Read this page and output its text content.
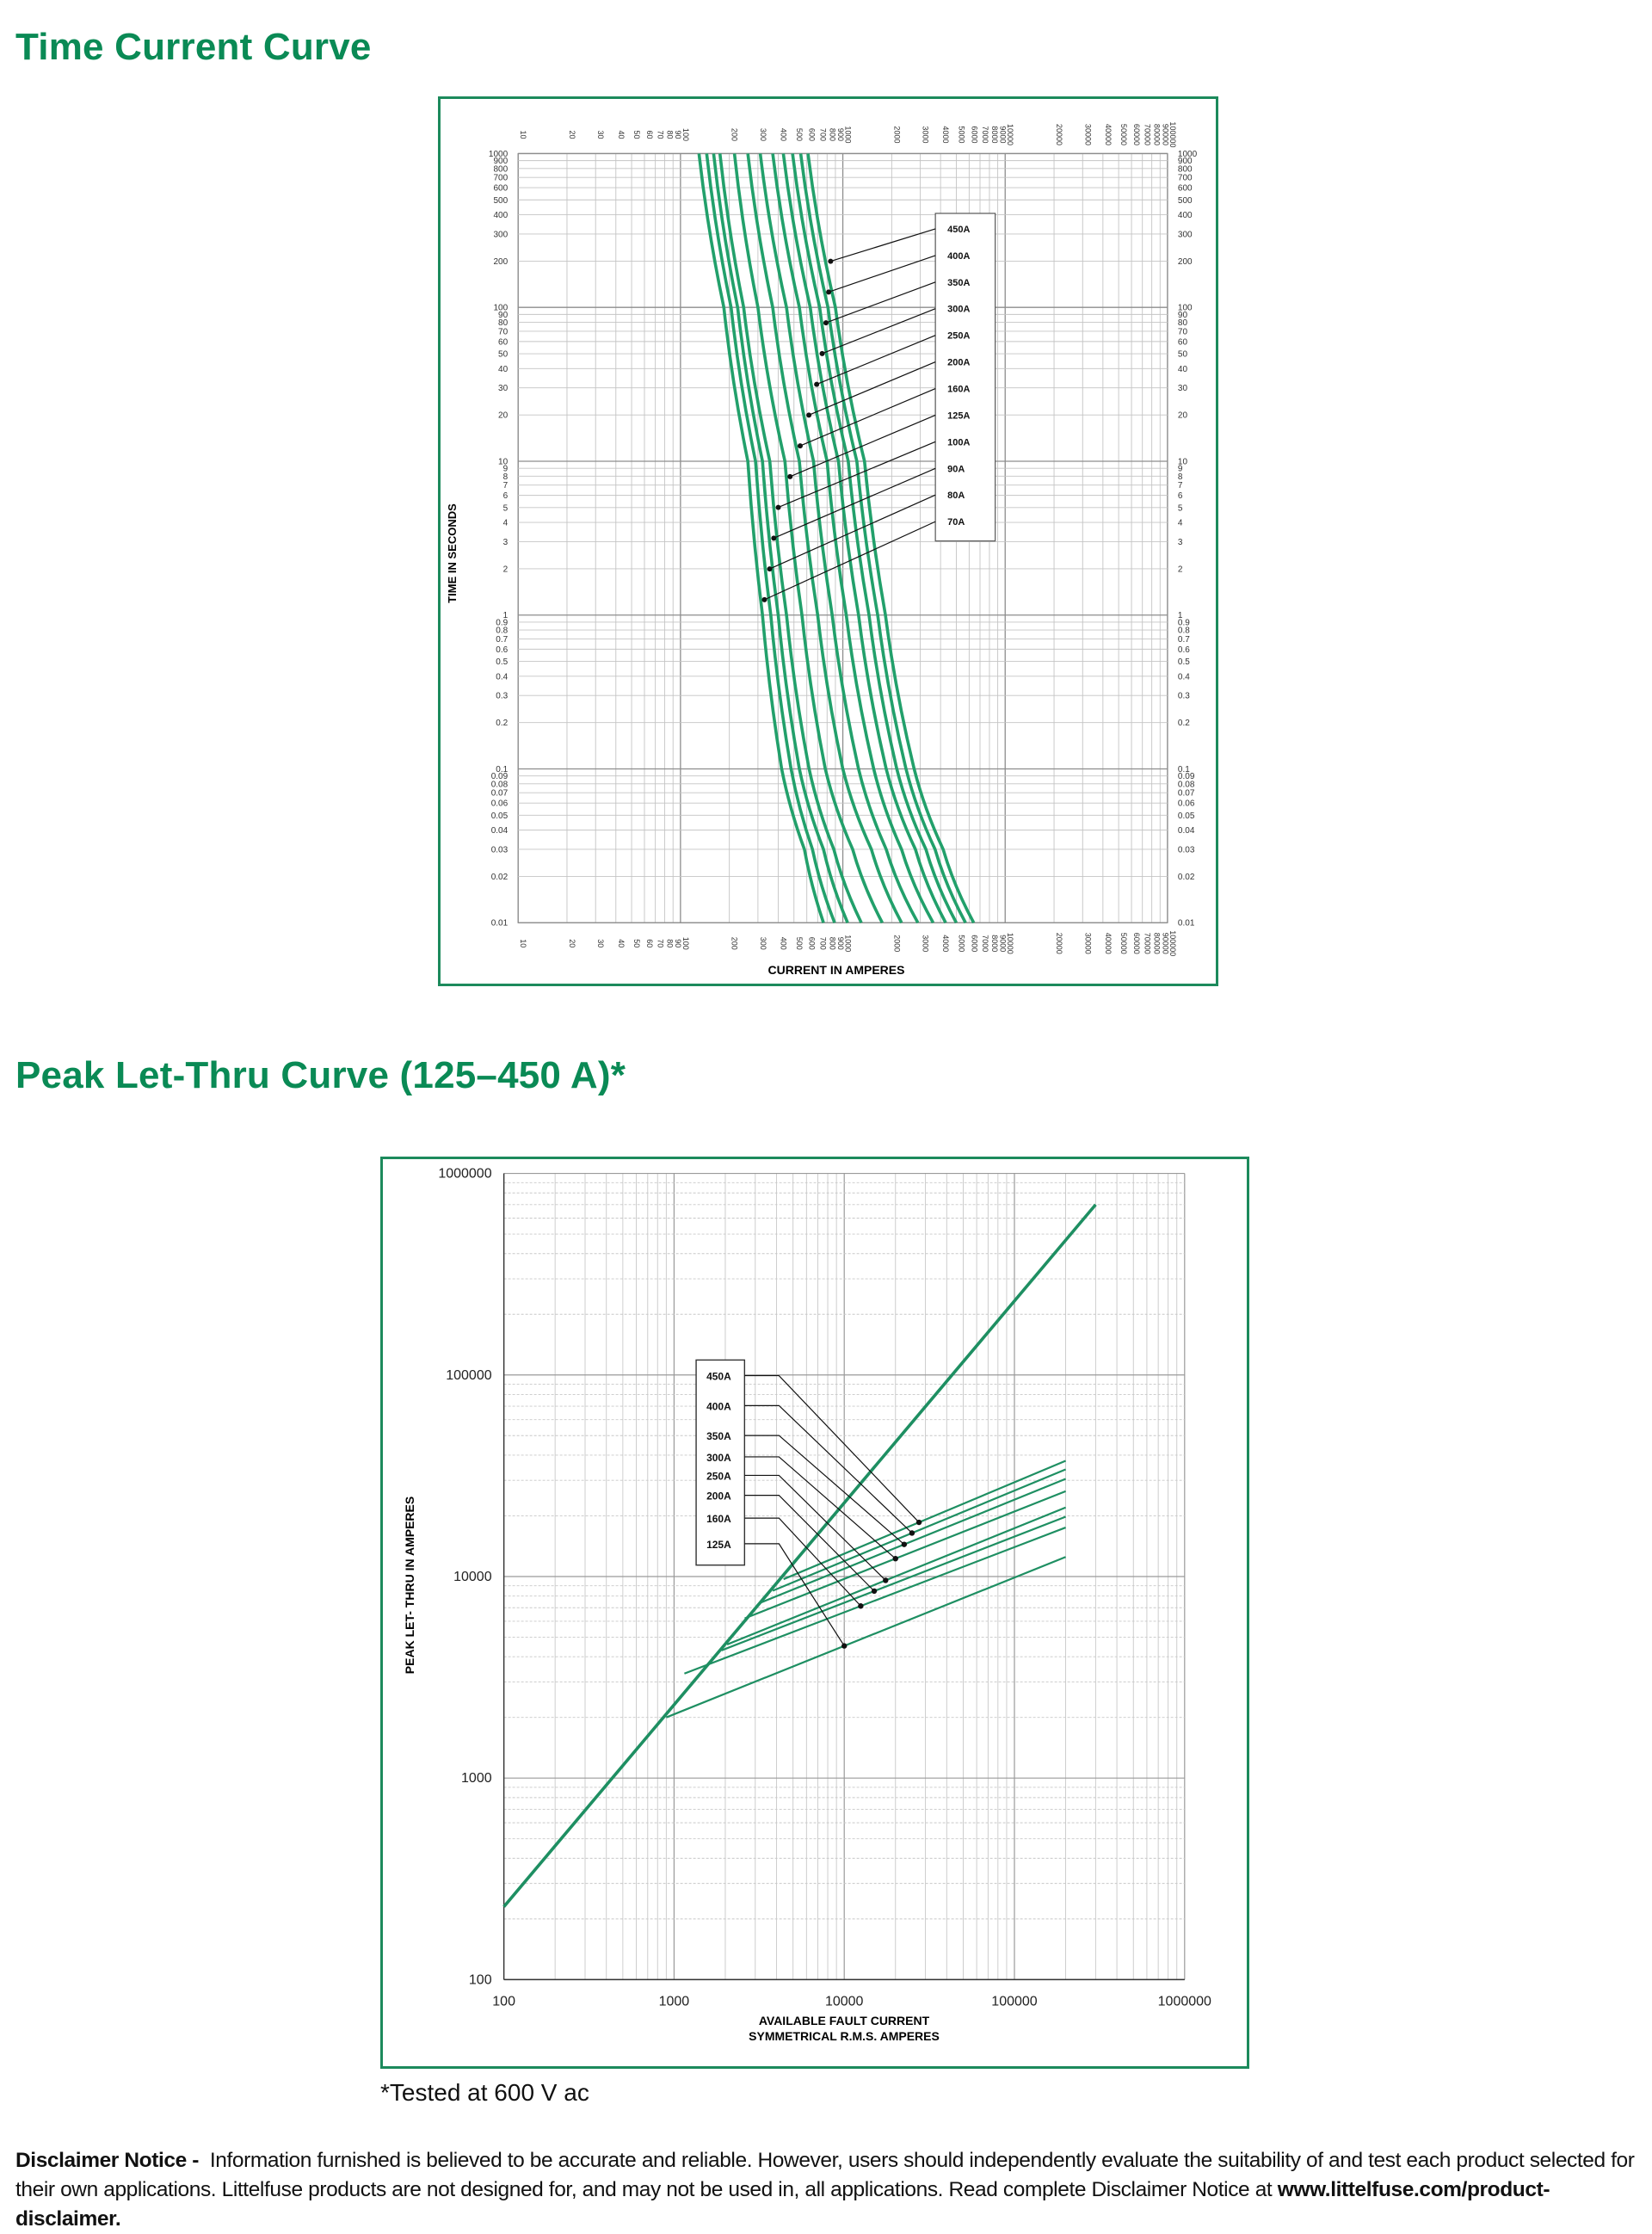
Time Current Curve
10
10
20
20
30
30
40
40
50
50
60
60
70
70
80
80
90
90
100
100
200
200
300
300
400
400
500
500
600
600
700
700
800
800
900
900
1000
1000
2000
2000
3000
3000
4000
4000
5000
5000
6000
6000
7000
7000
8000
8000
9000
9000
10000
10000
20000
20000
30000
30000
40000
40000
50000
50000
60000
60000
70000
70000
80000
80000
90000
90000
100000
100000
0.01	0.01
0.02	0.02
0.03	0.03
0.04	0.04
0.05	0.05
0.06	0.06
0.07	0.07
0.08	0.08
0.09	0.09
0.1	0.1
0.2	0.2
0.3	0.3
0.4	0.4
0.5	0.5
0.6	0.6
0.7	0.7
0.8	0.8
0.9	0.9
1	1
2	2
3	3
4	4
5	5
6	6
7	7
8	8
9	9
10	10
20	20
30	30
40	40
50	50
60	60
70	70
80	80
90	90
100	100
200	200
300	300
400	400
500	500
600	600
700	700
800	800
900	900
1000	1000
450A
400A
350A
300A
250A
200A
160A
125A
100A
90A
80A
70A
CURRENT IN AMPERES
TIME IN SECONDS
Peak Let-Thru Curve (125–450 A)*
100	1000	10000	100000	1000000
100
1000
10000
100000
1000000
450A
400A
350A
300A
250A
200A
160A
125A
AVAILABLE FAULT CURRENT SYMMETRICAL R.M.S. AMPERES
PEAK LET- THRU IN AMPERES
*Tested at 600 V ac
Disclaimer Notice - Information furnished is believed to be accurate and reliable. However, users should independently evaluate the suitability of and test each product selected for their own applications. Littelfuse products are not designed for, and may not be used in, all applications. Read complete Disclaimer Notice at www.littelfuse.com/product-disclaimer.
